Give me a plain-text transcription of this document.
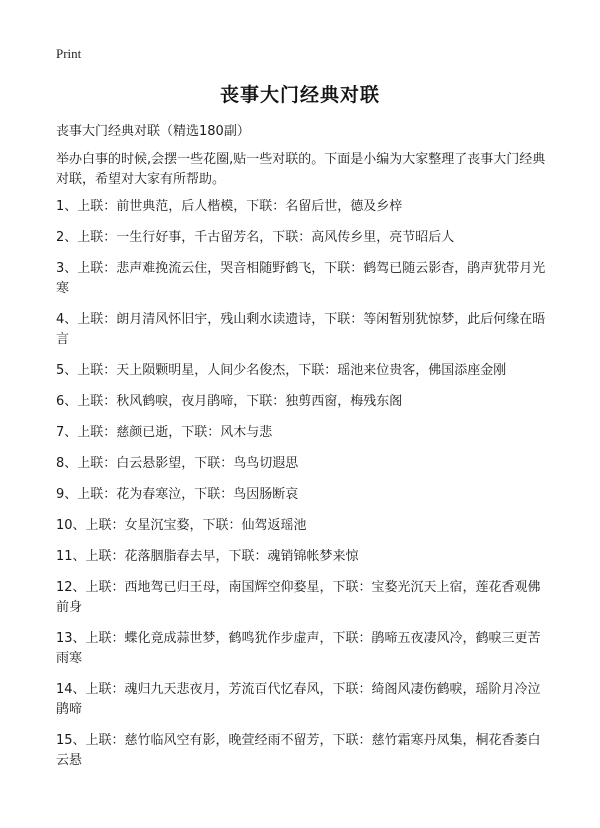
Print
丧事大门经典对联
丧事大门经典对联（精选180副）
举办白事的时候,会摆一些花圈,贴一些对联的。下面是小编为大家整理了丧事大门经典对联，希望对大家有所帮助。
1、上联：前世典范，后人楷模，下联：名留后世，德及乡梓
2、上联：一生行好事，千古留芳名，下联：高风传乡里，亮节昭后人
3、上联：悲声难挽流云住，哭音相随野鹤飞，下联：鹤驾已随云影杳，鹃声犹带月光寒
4、上联：朗月清风怀旧宇，残山剩水读遗诗，下联：等闲暂别犹惊梦，此后何缘在晤言
5、上联：天上陨颗明星，人间少名俊杰，下联：瑶池来位贵客，佛国添座金刚
6、上联：秋风鹤唳，夜月鹃啼，下联：独剪西窗，梅残东阁
7、上联：慈颜已逝，下联：风木与悲
8、上联：白云悬影望，下联：鸟鸟切遐思
9、上联：花为春寒泣，下联：鸟因肠断哀
10、上联：女星沉宝婺，下联：仙驾返瑶池
11、上联：花落胭脂春去早，下联：魂销锦帐梦来惊
12、上联：西地驾已归王母，南国辉空仰婺星，下联：宝婺光沉天上宿，莲花香观佛前身
13、上联：蝶化竟成蒜世梦，鹤鸣犹作步虚声，下联：鹃啼五夜凄风冷，鹤唳三更苦雨寒
14、上联：魂归九天悲夜月，芳流百代忆春风，下联：绮阁风凄伤鹤唳，瑶阶月冷泣鹃啼
15、上联：慈竹临风空有影，晚萱经雨不留芳，下联：慈竹霜寒丹凤集，桐花香萎白云悬
